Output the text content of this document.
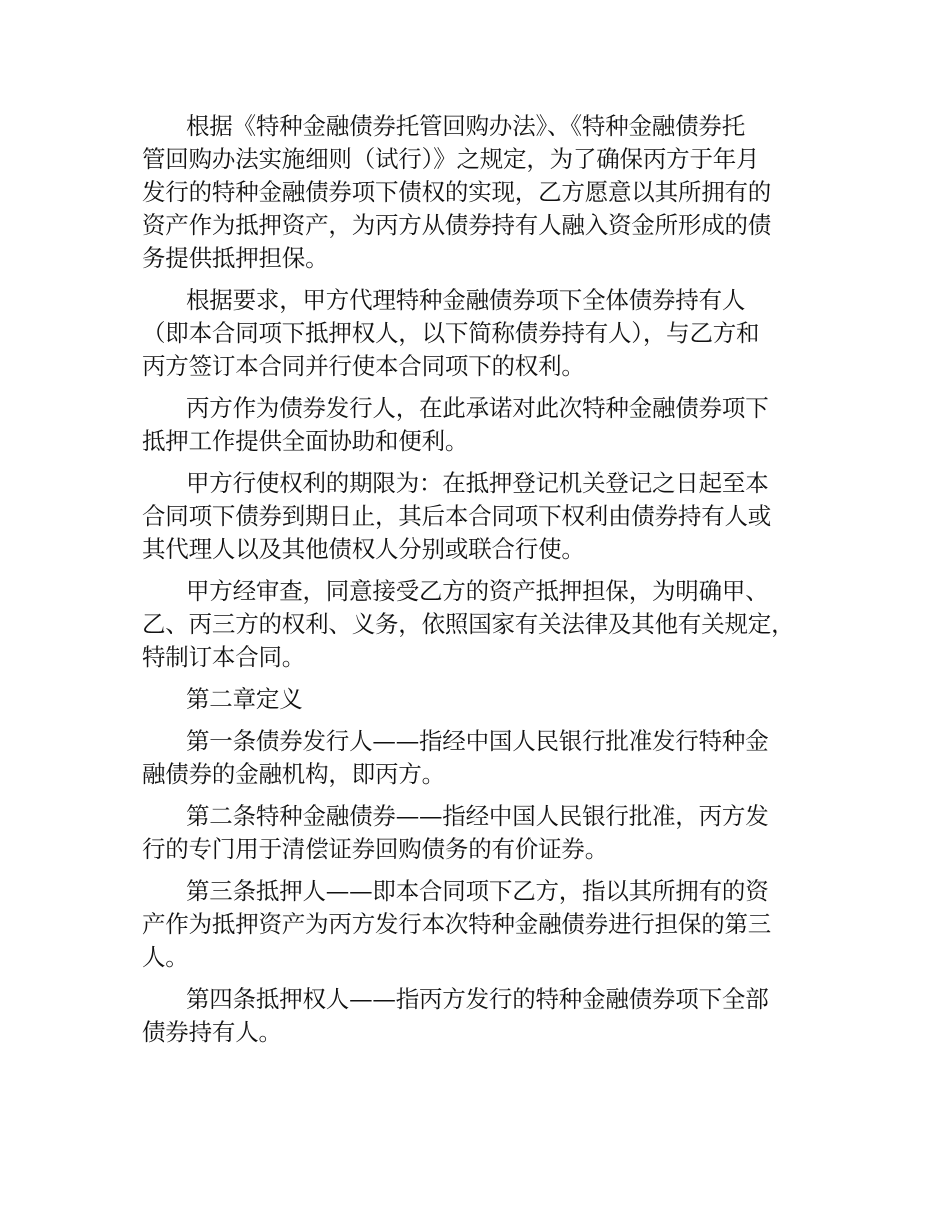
根据《特种金融债券托管回购办法》、《特种金融债券托
管回购办法实施细则（试行）》之规定，为了确保丙方于年月
发行的特种金融债券项下债权的实现，乙方愿意以其所拥有的
资产作为抵押资产，为丙方从债券持有人融入资金所形成的债
务提供抵押担保。

根据要求，甲方代理特种金融债券项下全体债券持有人
（即本合同项下抵押权人，以下简称债券持有人），与乙方和
丙方签订本合同并行使本合同项下的权利。

丙方作为债券发行人，在此承诺对此次特种金融债券项下
抵押工作提供全面协助和便利。

甲方行使权利的期限为：在抵押登记机关登记之日起至本
合同项下债券到期日止，其后本合同项下权利由债券持有人或
其代理人以及其他债权人分别或联合行使。

甲方经审查，同意接受乙方的资产抵押担保，为明确甲、
乙、丙三方的权利、义务，依照国家有关法律及其他有关规定，
特制订本合同。

第二章定义

第一条债券发行人——指经中国人民银行批准发行特种金
融债券的金融机构，即丙方。

第二条特种金融债券——指经中国人民银行批准，丙方发
行的专门用于清偿证券回购债务的有价证券。

第三条抵押人——即本合同项下乙方，指以其所拥有的资
产作为抵押资产为丙方发行本次特种金融债券进行担保的第三
人。

第四条抵押权人——指丙方发行的特种金融债券项下全部
债券持有人。
